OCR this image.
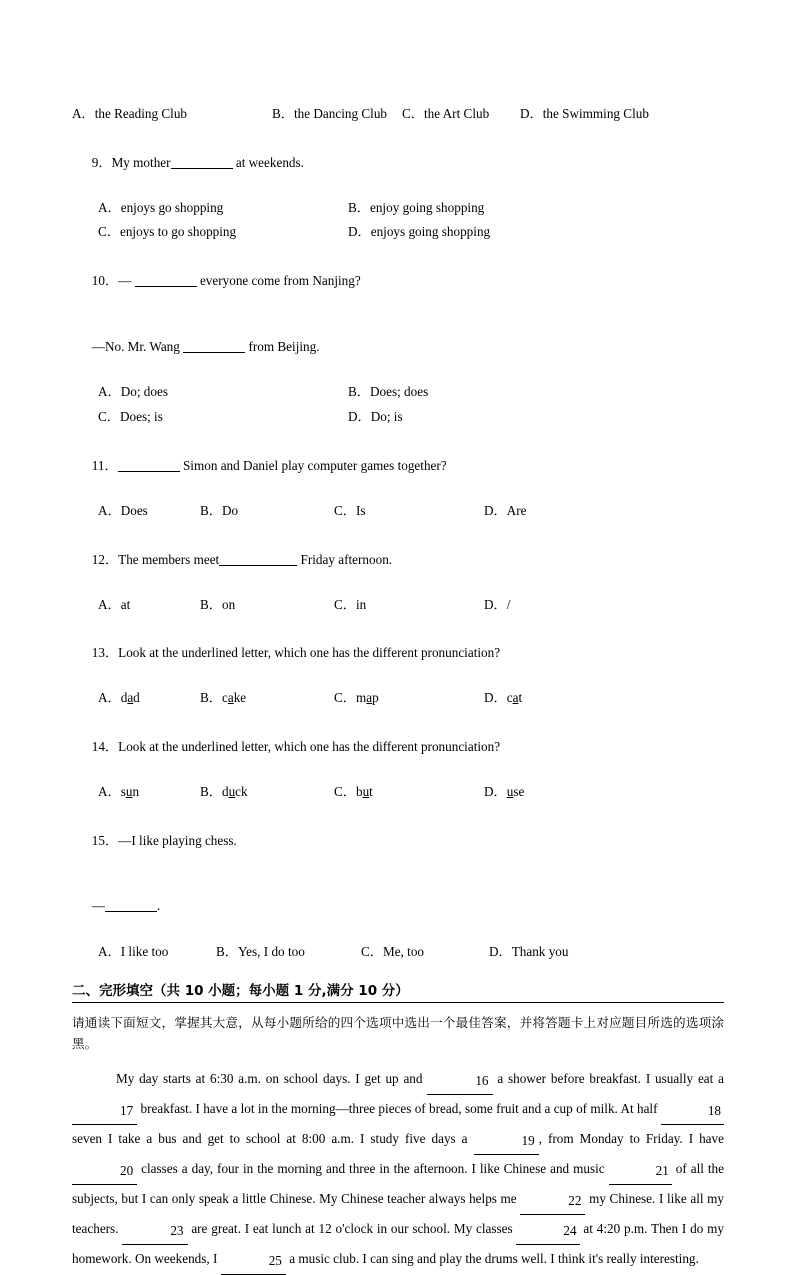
A．the Reading Club	B．the Dancing Club	C．the Art Club	D．the Swimming Club

9．My mother	at weekends.

A．enjoys go shopping	B．enjoy going shopping
C．enjoys to go shopping	D．enjoys going shopping

10．—	everyone come from Nanjing?

—No. Mr. Wang	from Beijing.

A．Do; does	B．Does; does
C．Does; is	D．Do; is

11．	Simon and Daniel play computer games together?

A．Does	B．Do	C．Is	D．Are

12．The members meet	Friday afternoon.

A．at	B．on	C．in	D．/

13．Look at the underlined letter, which one has the different pronunciation?

A．dad	B．cake	C．map	D．cat

14．Look at the underlined letter, which one has the different pronunciation?

A．sun	B．duck	C．but	D．use

15．—I like playing chess.

—	.

A．I like too	B．Yes, I do too	C．Me, too	D．Thank you
二、完形填空（共 10 小题；每小题 1 分,满分 10 分）
请通读下面短文，掌握其大意，从每小题所给的四个选项中选出一个最佳答案，并将答题卡上对应题目所选的选项涂黑。
My day starts at 6:30 a.m. on school days. I get up and	16 a shower before breakfast. I usually eat a 17 breakfast. I have a lot in the morning—three pieces of bread, some fruit and a cup of milk. At half	18 seven I take a bus and get to school at 8:00 a.m. I study five days a	19 , from Monday to Friday. I have 20 classes a day, four in the morning and three in the afternoon. I like Chinese and music	21 of all the subjects, but I can only speak a little Chinese. My Chinese teacher always helps me	22 my Chinese. I like all my teachers.	23 are great. I eat lunch at 12 o'clock in our school. My classes	24 at 4:20 p.m. Then I do my homework. On weekends, I	25 a music club. I can sing and play the drums well. I think it's really interesting.
